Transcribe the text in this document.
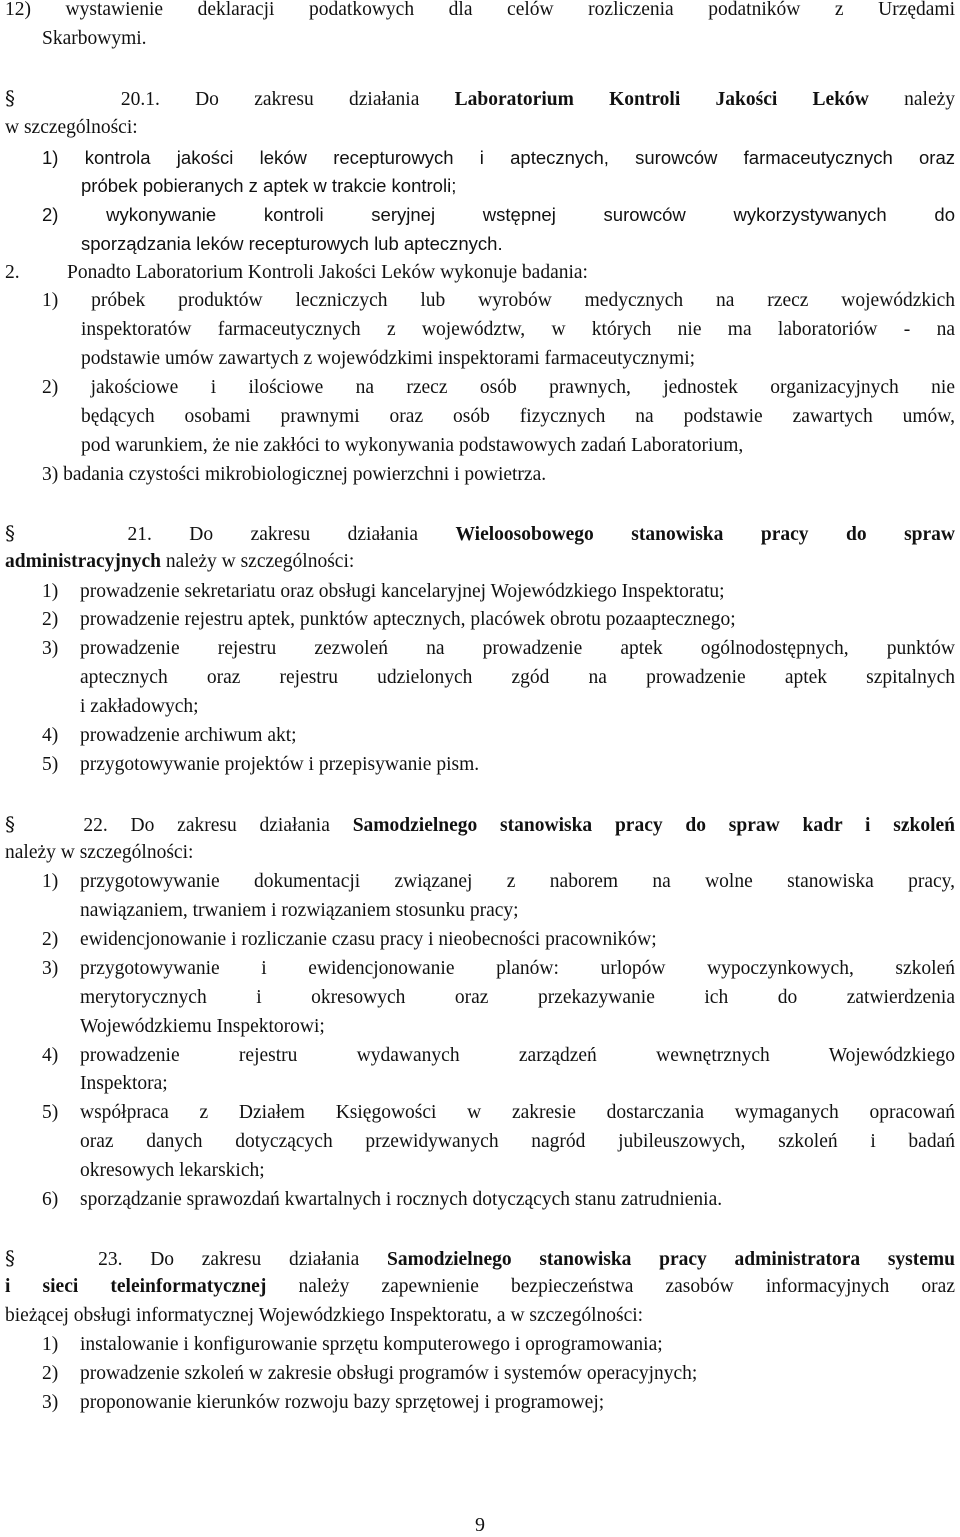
12) wystawienie deklaracji podatkowych dla celów rozliczenia podatników z Urzędami
Skarbowymi.
§	20.1. Do zakresu działania Laboratorium Kontroli Jakości Leków należy
w szczególności:
1) kontrola jakości leków recepturowych i aptecznych, surowców farmaceutycznych oraz
próbek pobieranych z aptek w trakcie kontroli;
2) wykonywanie kontroli seryjnej wstępnej surowców wykorzystywanych do
sporządzania leków recepturowych lub aptecznych.
2. Ponadto Laboratorium Kontroli Jakości Leków wykonuje badania:
1) próbek produktów leczniczych lub wyrobów medycznych na rzecz wojewódzkich
inspektoratów farmaceutycznych z województw, w których nie ma laboratoriów - na
podstawie umów zawartych z wojewódzkimi inspektorami farmaceutycznymi;
2) jakościowe i ilościowe na rzecz osób prawnych, jednostek organizacyjnych nie
będących osobami prawnymi oraz osób fizycznych na podstawie zawartych umów,
pod warunkiem, że nie zakłóci to wykonywania podstawowych zadań Laboratorium,
3) badania czystości mikrobiologicznej powierzchni i powietrza.
§	21. Do zakresu działania Wieloosobowego stanowiska pracy do spraw
administracyjnych należy w szczególności:
1) prowadzenie sekretariatu oraz obsługi kancelaryjnej Wojewódzkiego Inspektoratu;
2) prowadzenie rejestru aptek, punktów aptecznych, placówek obrotu pozaaptecznego;
3)	prowadzenie rejestru zezwoleń na prowadzenie aptek ogólnodostępnych, punktów
aptecznych oraz rejestru udzielonych zgód na prowadzenie aptek szpitalnych
i zakładowych;
4) prowadzenie archiwum akt;
5) przygotowywanie projektów i przepisywanie pism.
§	22. Do zakresu działania Samodzielnego stanowiska pracy do spraw kadr i szkoleń
należy w szczególności:
1)	przygotowywanie dokumentacji związanej z naborem na wolne stanowiska pracy,
nawiązaniem, trwaniem i rozwiązaniem stosunku pracy;
2) ewidencjonowanie i rozliczanie czasu pracy i nieobecności pracowników;
3)	przygotowywanie i ewidencjonowanie planów: urlopów wypoczynkowych, szkoleń
merytorycznych i okresowych oraz przekazywanie ich do zatwierdzenia
Wojewódzkiemu Inspektorowi;
4)	prowadzenie rejestru wydawanych zarządzeń wewnętrznych Wojewódzkiego
Inspektora;
5)	współpraca z Działem Księgowości w zakresie dostarczania wymaganych opracowań
oraz danych dotyczących przewidywanych nagród jubileuszowych, szkoleń i badań
okresowych lekarskich;
6) sporządzanie sprawozdań kwartalnych i rocznych dotyczących stanu zatrudnienia.
§	23. Do zakresu działania Samodzielnego stanowiska pracy administratora systemu
i sieci teleinformatycznej należy zapewnienie bezpieczeństwa zasobów informacyjnych oraz
bieżącej obsługi informatycznej Wojewódzkiego Inspektoratu, a w szczególności:
1) instalowanie i konfigurowanie sprzętu komputerowego i oprogramowania;
2) prowadzenie szkoleń w zakresie obsługi programów i systemów operacyjnych;
3) proponowanie kierunków rozwoju bazy sprzętowej i programowej;
9
